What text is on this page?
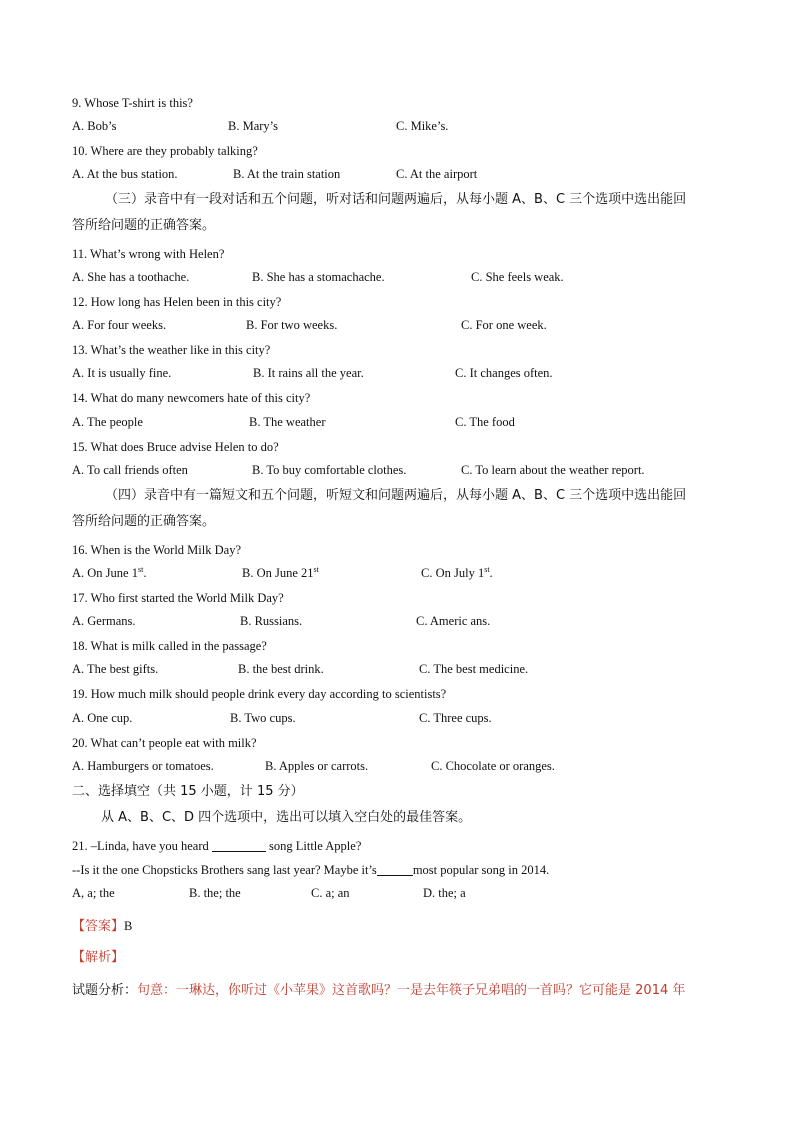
9. Whose T-shirt is this?
A. Bob’s	B. Mary’s	C. Mike’s.
10. Where are they probably talking?
A. At the bus station.	B. At the train station	C. At the airport
（三）录音中有一段对话和五个问题，听对话和问题两遍后，从每小题 A、B、C 三个选项中选出能回
答所给问题的正确答案。
11. What’s wrong with Helen?
A. She has a toothache.	B. She has a stomachache.	C. She feels weak.
12. How long has Helen been in this city?
A. For four weeks.	B. For two weeks.	C. For one week.
13. What’s the weather like in this city?
A. It is usually fine.	B. It rains all the year.	C. It changes often.
14. What do many newcomers hate of this city?
A. The people	B. The weather	C. The food
15. What does Bruce advise Helen to do?
A. To call friends often	B. To buy comfortable clothes.	C. To learn about the weather report.
（四）录音中有一篇短文和五个问题，听短文和问题两遍后，从每小题 A、B、C 三个选项中选出能回
答所给问题的正确答案。
16. When is the World Milk Day?
A. On June 1st.	B. On June 21st	C. On July 1st.
17. Who first started the World Milk Day?
A. Germans.	B. Russians.	C. Americ ans.
18. What is milk called in the passage?
A. The best gifts.	B. the best drink.	C. The best medicine.
19. How much milk should people drink every day according to scientists?
A. One cup.	B. Two cups.	C. Three cups.
20. What can’t people eat with milk?
A. Hamburgers or tomatoes.	B. Apples or carrots.	C. Chocolate or oranges.
二、选择填空（共 15 小题，计 15 分）
从 A、B、C、D 四个选项中，选出可以填入空白处的最佳答案。
21. –Linda, have you heard	song Little Apple?
--Is it the one Chopsticks Brothers sang last year? Maybe it’s	most popular song in 2014.
A, a; the	B. the; the	C. a; an	D. the; a
【答案】B
【解析】
试题分析：句意：一琳达，你听过《小苹果》这首歌吗？一是去年筷子兄弟唱的一首吗？它可能是 2014 年
